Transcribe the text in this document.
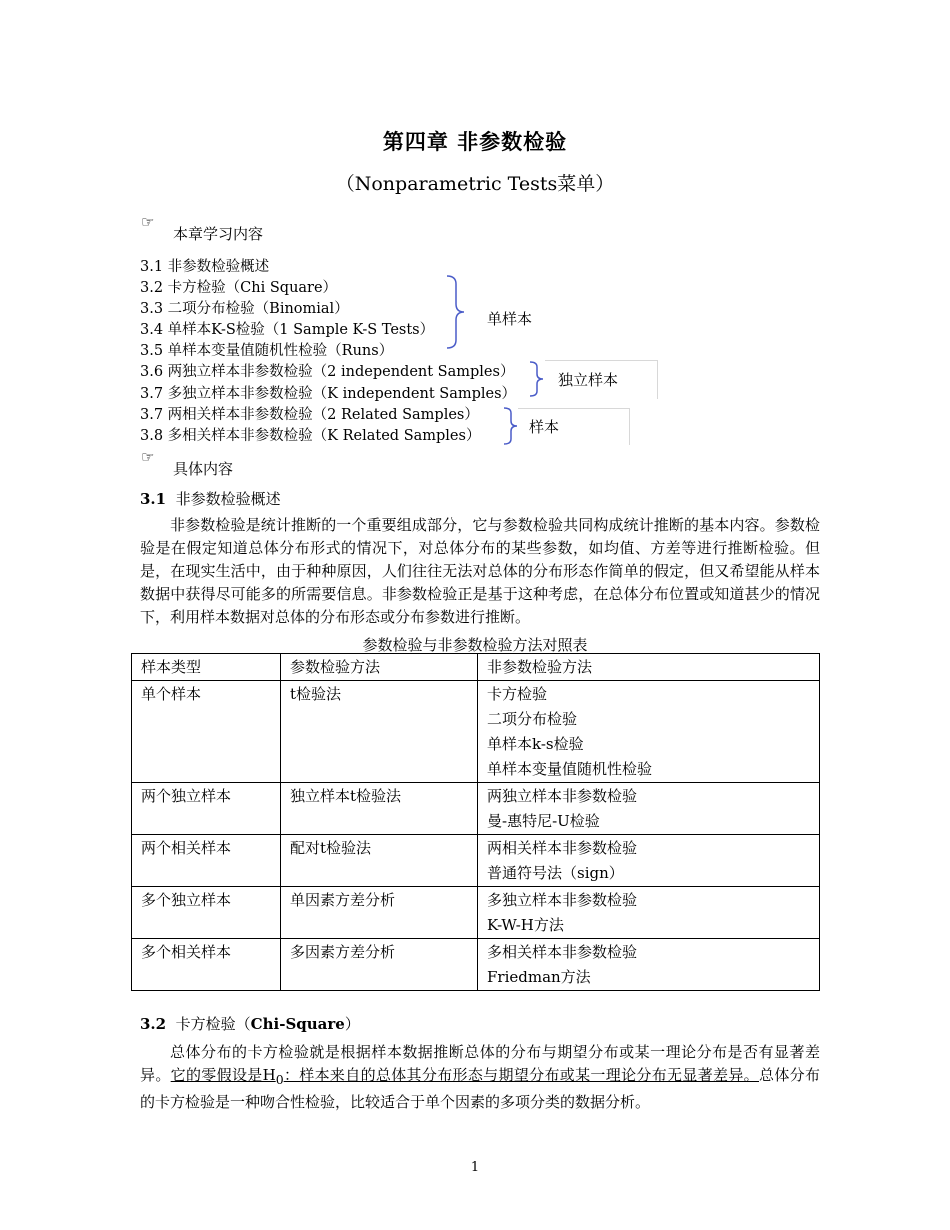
第四章 非参数检验
（Nonparametric Tests菜单）
☞
本章学习内容
3.1 非参数检验概述
3.2 卡方检验（Chi Square）
3.3 二项分布检验（Binomial）
3.4 单样本K-S检验（1 Sample K-S Tests）
3.5 单样本变量值随机性检验（Runs）
3.6 两独立样本非参数检验（2 independent Samples）
3.7 多独立样本非参数检验（K independent Samples）
3.7 两相关样本非参数检验（2 Related Samples）
3.8 多相关样本非参数检验（K Related Samples）
单样本
独立样本
样本
☞
具体内容
3.1 非参数检验概述
非参数检验是统计推断的一个重要组成部分，它与参数检验共同构成统计推断的基本内容。参数检验是在假定知道总体分布形式的情况下，对总体分布的某些参数，如均值、方差等进行推断检验。但是，在现实生活中，由于种种原因，人们往往无法对总体的分布形态作简单的假定，但又希望能从样本数据中获得尽可能多的所需要信息。非参数检验正是基于这种考虑，在总体分布位置或知道甚少的情况下，利用样本数据对总体的分布形态或分布参数进行推断。
参数检验与非参数检验方法对照表
样本类型	参数检验方法	非参数检验方法
单个样本	t检验法	卡方检验
二项分布检验
单样本k-s检验
单样本变量值随机性检验

两个独立样本	独立样本t检验法	两独立样本非参数检验
曼-惠特尼-U检验

两个相关样本	配对t检验法	两相关样本非参数检验
普通符号法（sign）

多个独立样本	单因素方差分析	多独立样本非参数检验
K-W-H方法

多个相关样本	多因素方差分析	多相关样本非参数检验
Friedman方法
3.2 卡方检验（Chi-Square）
总体分布的卡方检验就是根据样本数据推断总体的分布与期望分布或某一理论分布是否有显著差异。它的零假设是$H_0$：样本来自的总体其分布形态与期望分布或某一理论分布无显著差异。总体分布的卡方检验是一种吻合性检验，比较适合于单个因素的多项分类的数据分析。
1
